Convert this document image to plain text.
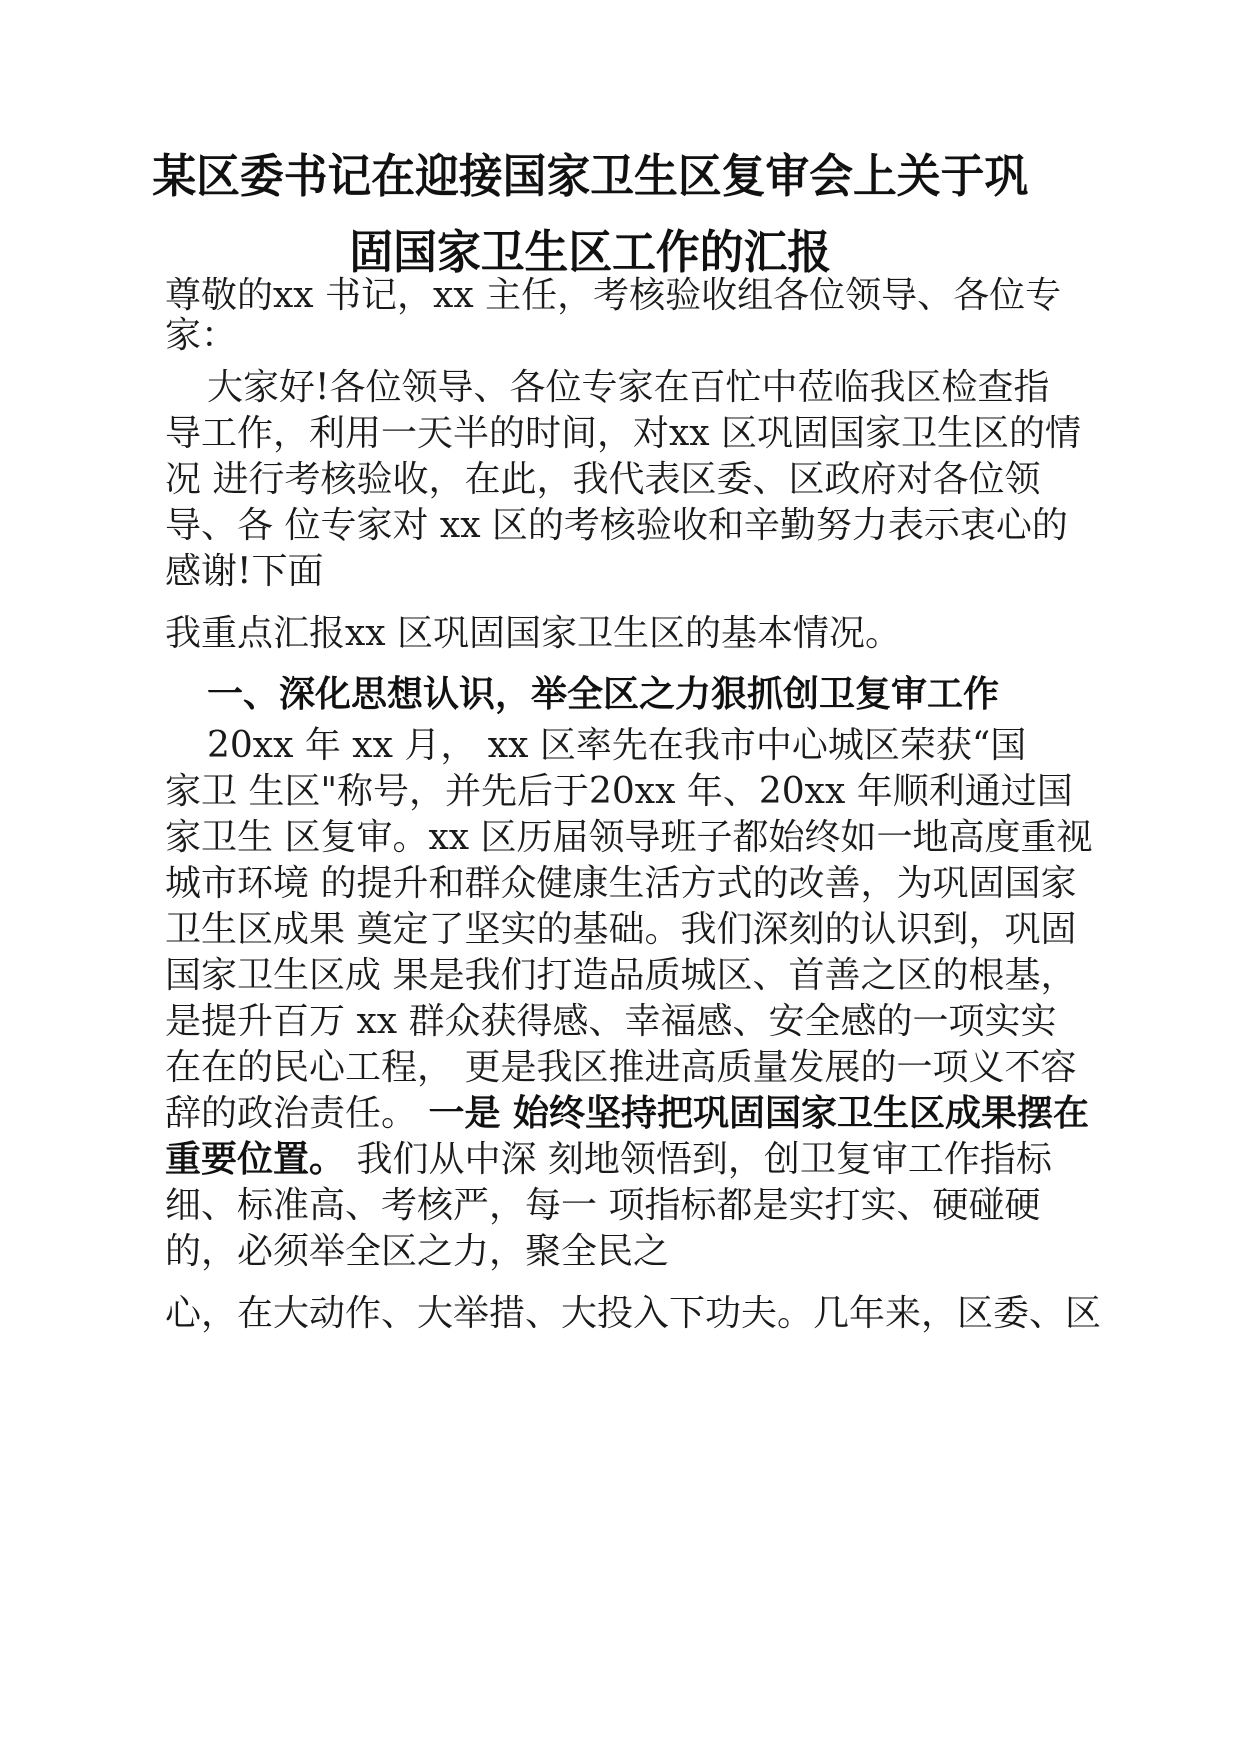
某区委书记在迎接国家卫生区复审会上关于巩
固国家卫生区工作的汇报
尊敬的xx 书记，xx 主任，考核验收组各位领导、各位专
家：
大家好!各位领导、各位专家在百忙中莅临我区检查指
导工作，利用一天半的时间，对xx 区巩固国家卫生区的情
况 进行考核验收，在此，我代表区委、区政府对各位领
导、各 位专家对 xx 区的考核验收和辛勤努力表示衷心的
感谢!下面
我重点汇报xx 区巩固国家卫生区的基本情况。
一、深化思想认识，举全区之力狠抓创卫复审工作
20xx 年 xx 月， xx 区率先在我市中心城区荣获“国
家卫 生区"称号，并先后于20xx 年、20xx 年顺利通过国
家卫生 区复审。xx 区历届领导班子都始终如一地高度重视
城市环境 的提升和群众健康生活方式的改善，为巩固国家
卫生区成果 奠定了坚实的基础。我们深刻的认识到，巩固
国家卫生区成 果是我们打造品质城区、首善之区的根基，
是提升百万 xx 群众获得感、幸福感、安全感的一项实实
在在的民心工程， 更是我区推进高质量发展的一项义不容
辞的政治责任。 一是 始终坚持把巩固国家卫生区成果摆在
重要位置。 我们从中深 刻地领悟到，创卫复审工作指标
细、标准高、考核严，每一 项指标都是实打实、硬碰硬
的，必须举全区之力，聚全民之
心，在大动作、大举措、大投入下功夫。几年来，区委、区
